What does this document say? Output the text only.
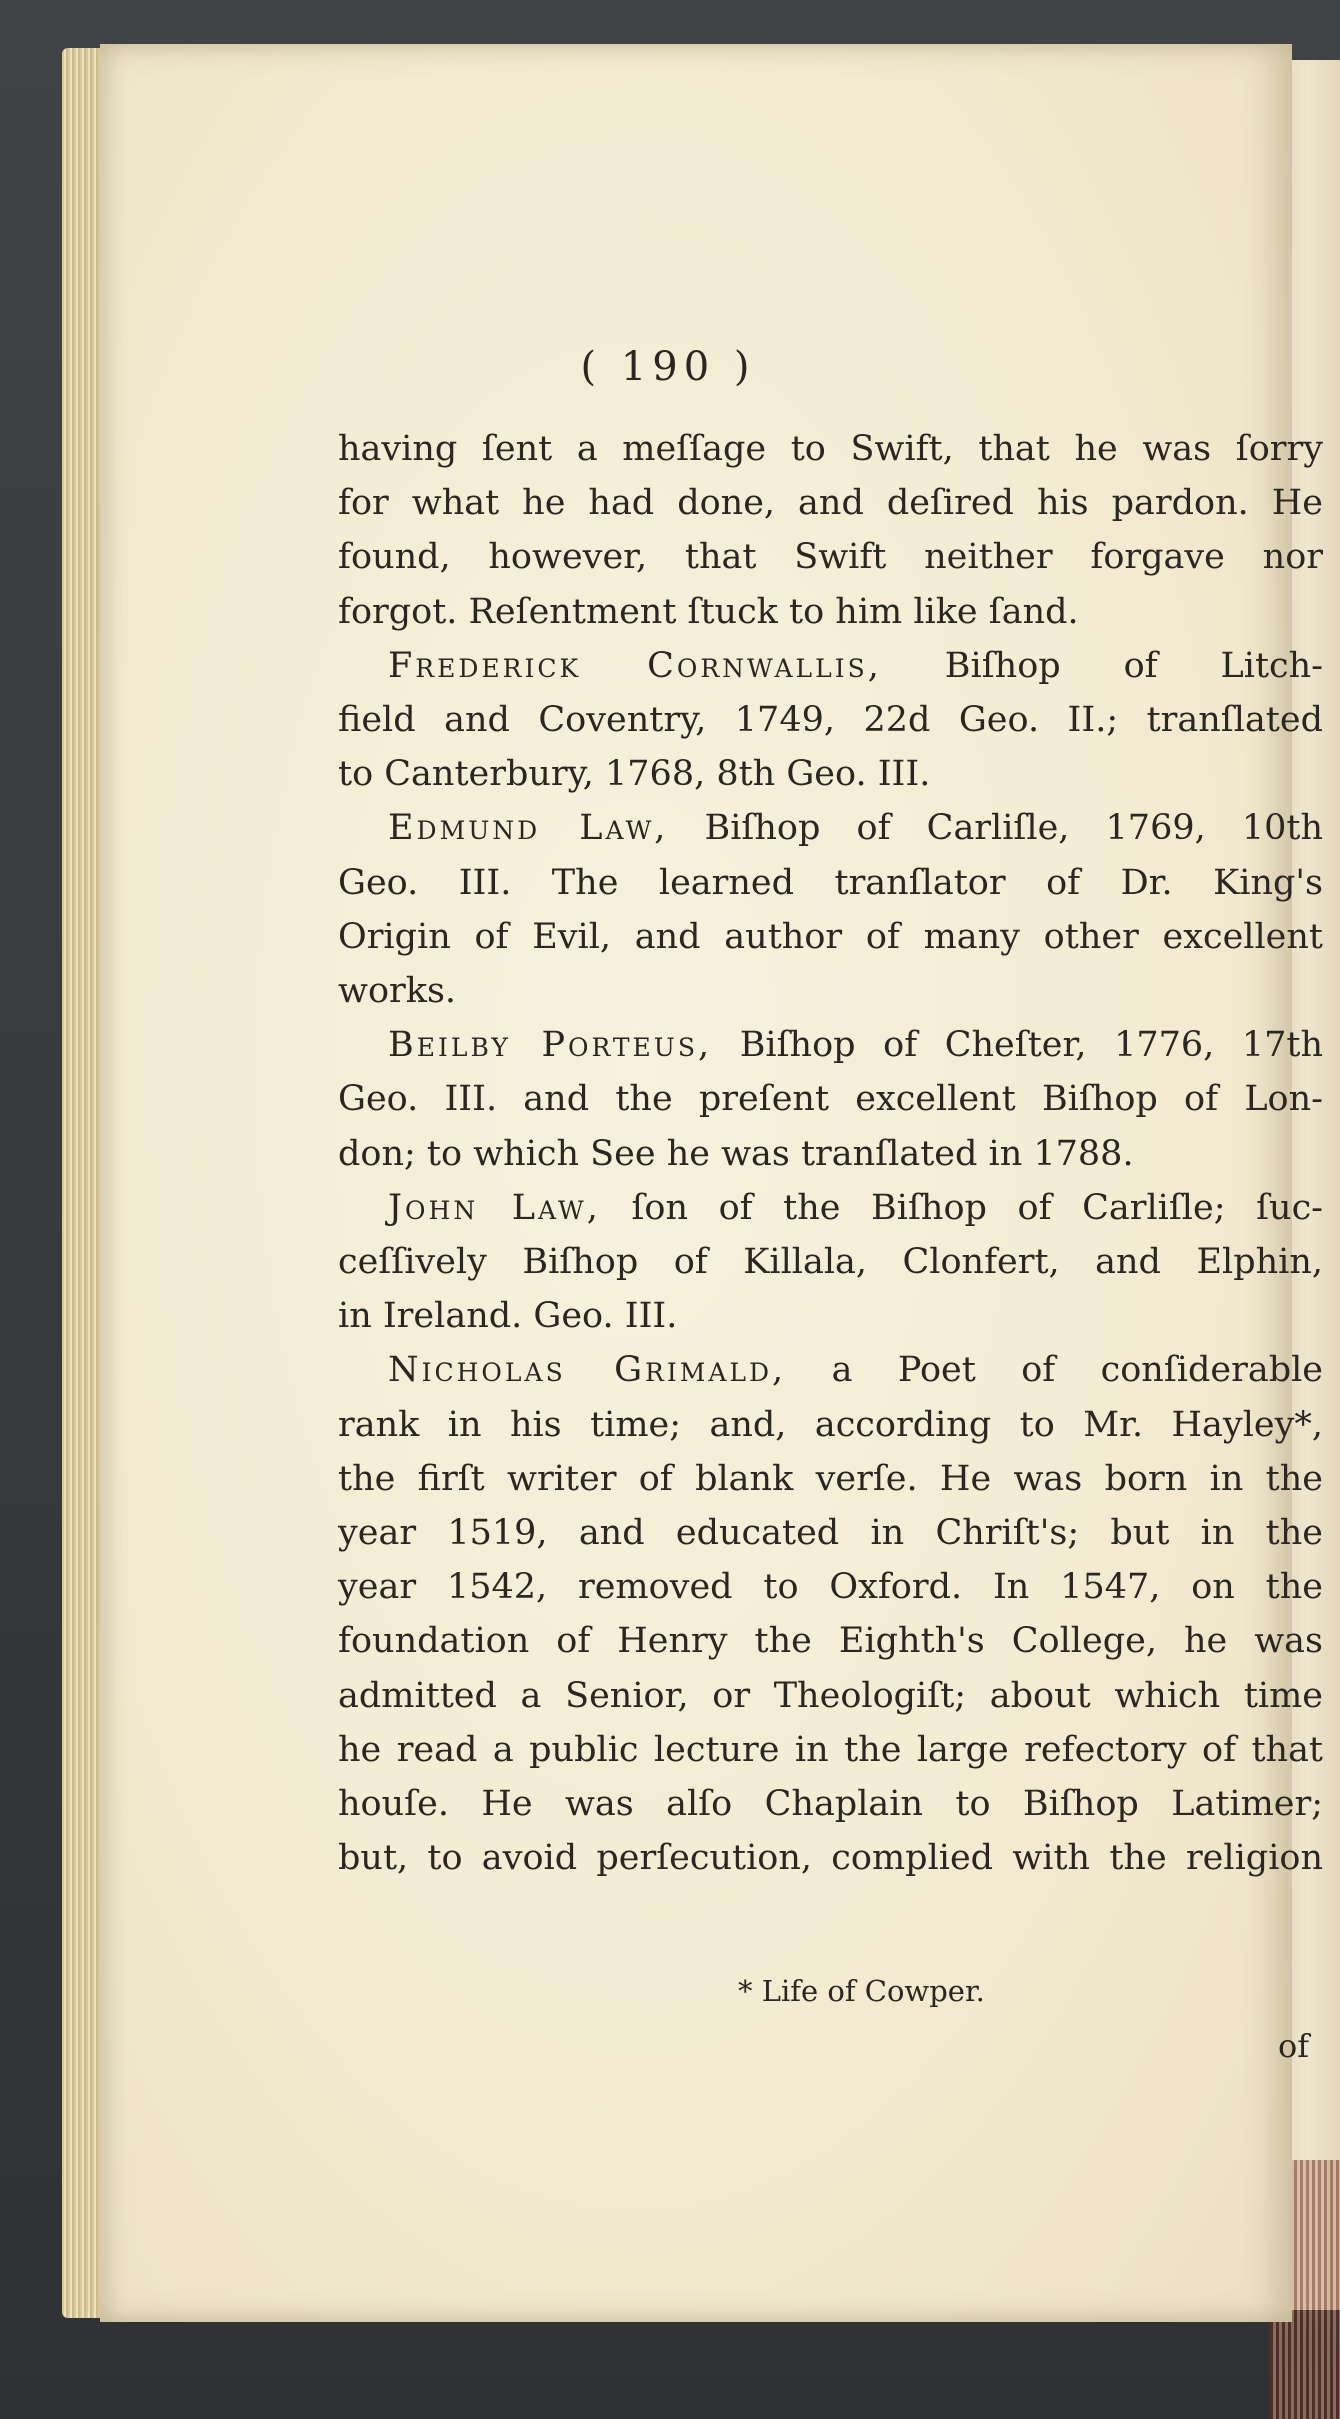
( 190 )

having ſent a meſſage to Swift, that he was ſorry
for what he had done, and deſired his pardon. He
found, however, that Swift neither forgave nor
forgot. Reſentment ſtuck to him like ſand.

Frederick Cornwallis, Biſhop of Litch-
field and Coventry, 1749, 22d Geo. II.; tranſlated
to Canterbury, 1768, 8th Geo. III.

Edmund Law, Biſhop of Carliſle, 1769, 10th
Geo. III. The learned tranſlator of Dr. King's
Origin of Evil, and author of many other excellent
works.

Beilby Porteus, Biſhop of Cheſter, 1776, 17th
Geo. III. and the preſent excellent Biſhop of Lon-
don; to which See he was tranſlated in 1788.

John Law, ſon of the Biſhop of Carliſle; ſuc-
ceſſively Biſhop of Killala, Clonfert, and Elphin,
in Ireland. Geo. III.

Nicholas Grimald, a Poet of conſiderable
rank in his time; and, according to Mr. Hayley*,
the firſt writer of blank verſe. He was born in the
year 1519, and educated in Chriſt's; but in the
year 1542, removed to Oxford. In 1547, on the
foundation of Henry the Eighth's College, he was
admitted a Senior, or Theologiſt; about which time
he read a public lecture in the large refectory of that
houſe. He was alſo Chaplain to Biſhop Latimer;
but, to avoid perſecution, complied with the religion

* Life of Cowper.
of
